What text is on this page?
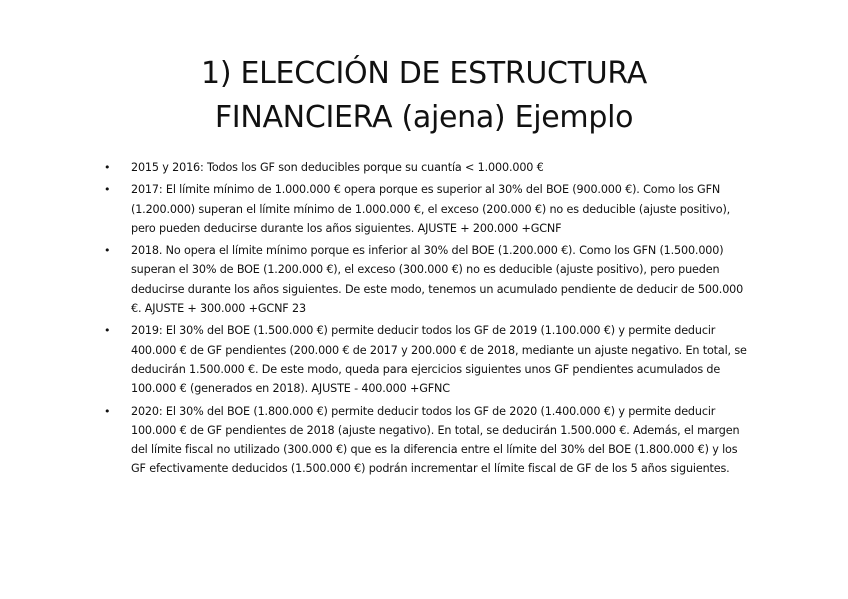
1) ELECCIÓN DE ESTRUCTURA
FINANCIERA (ajena) Ejemplo
• 2015 y 2016: Todos los GF son deducibles porque su cuantía < 1.000.000 €
• 2017: El límite mínimo de 1.000.000 € opera porque es superior al 30% del BOE (900.000 €). Como los GFN (1.200.000) superan el límite mínimo de 1.000.000 €, el exceso (200.000 €) no es deducible (ajuste positivo), pero pueden deducirse durante los años siguientes. AJUSTE + 200.000 +GCNF
• 2018. No opera el límite mínimo porque es inferior al 30% del BOE (1.200.000 €). Como los GFN (1.500.000) superan el 30% de BOE (1.200.000 €), el exceso (300.000 €) no es deducible (ajuste positivo), pero pueden deducirse durante los años siguientes. De este modo, tenemos un acumulado pendiente de deducir de 500.000 €. AJUSTE + 300.000 +GCNF 23
• 2019: El 30% del BOE (1.500.000 €) permite deducir todos los GF de 2019 (1.100.000 €) y permite deducir 400.000 € de GF pendientes (200.000 € de 2017 y 200.000 € de 2018, mediante un ajuste negativo. En total, se deducirán 1.500.000 €. De este modo, queda para ejercicios siguientes unos GF pendientes acumulados de 100.000 € (generados en 2018). AJUSTE - 400.000 +GFNC
• 2020: El 30% del BOE (1.800.000 €) permite deducir todos los GF de 2020 (1.400.000 €) y permite deducir 100.000 € de GF pendientes de 2018 (ajuste negativo). En total, se deducirán 1.500.000 €. Además, el margen del límite fiscal no utilizado (300.000 €) que es la diferencia entre el límite del 30% del BOE (1.800.000 €) y los GF efectivamente deducidos (1.500.000 €) podrán incrementar el límite fiscal de GF de los 5 años siguientes.
